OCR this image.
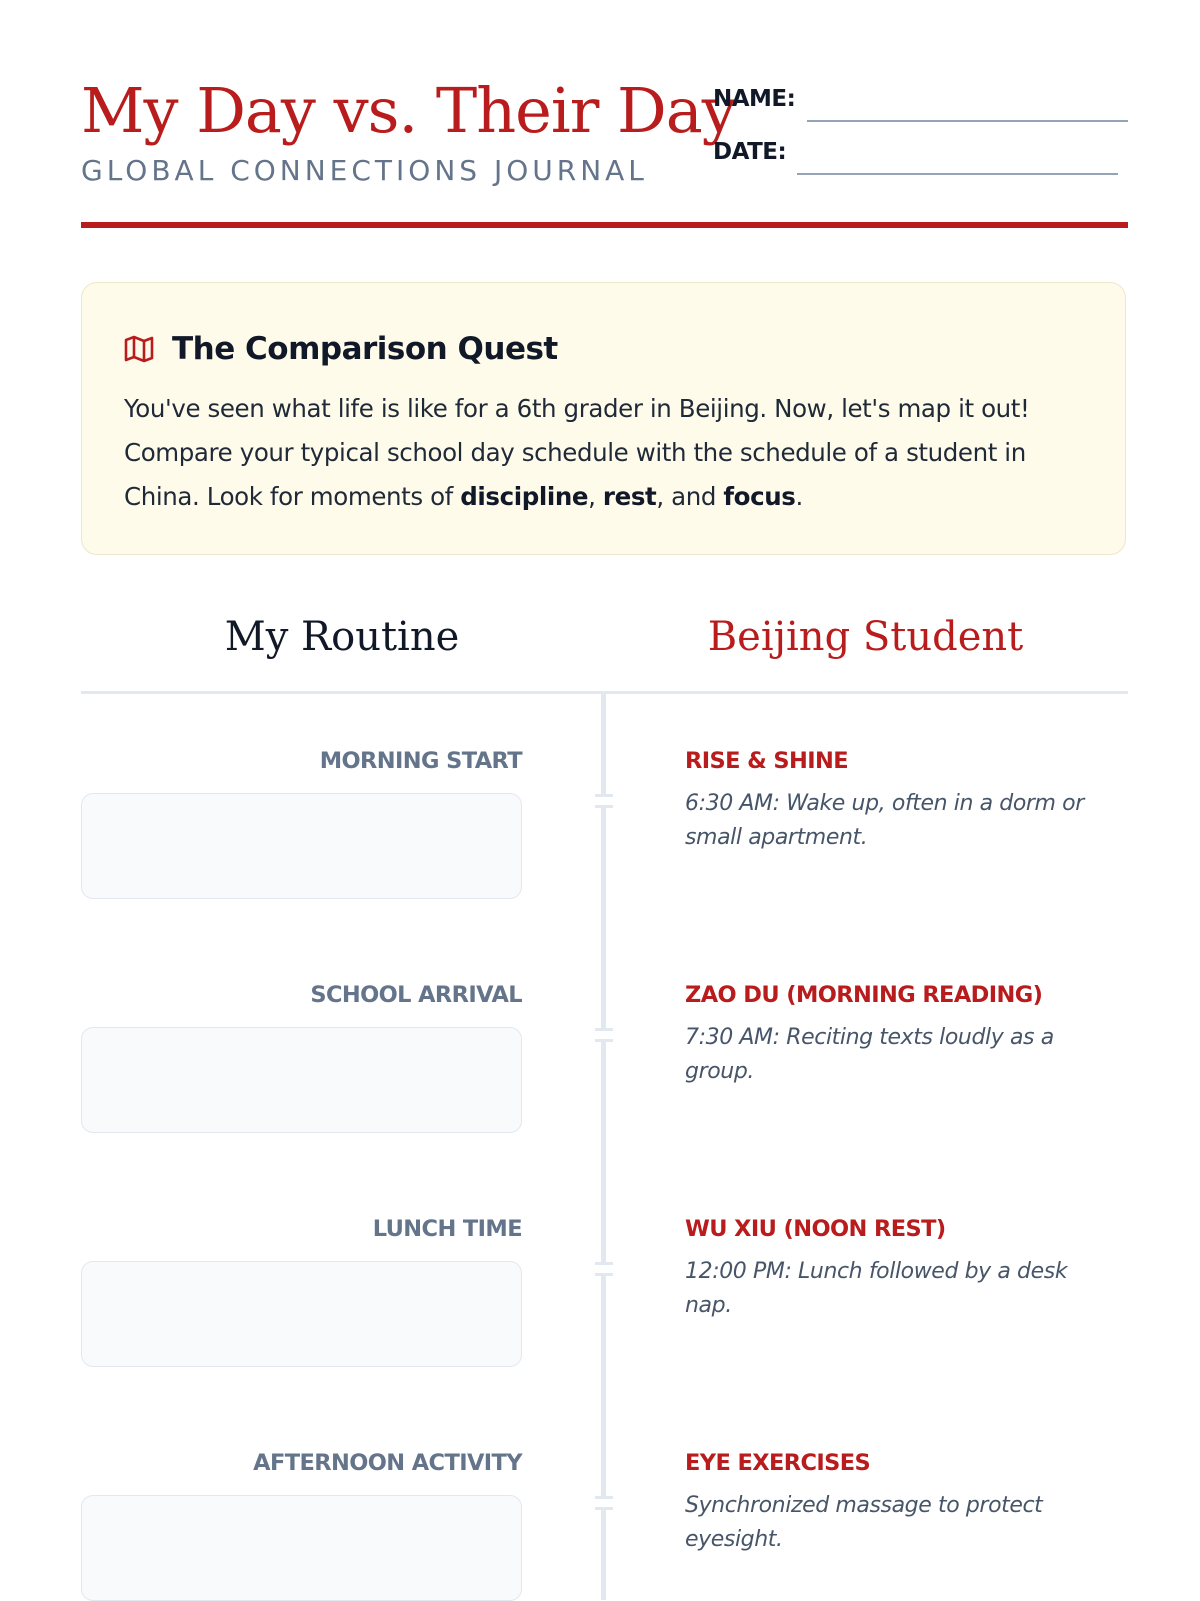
My Day vs. Their Day
GLOBAL CONNECTIONS JOURNAL
NAME:
DATE:
The Comparison Quest

You've seen what life is like for a 6th grader in Beijing. Now, let's map it out! Compare your typical school day schedule with the schedule of a student in China. Look for moments of discipline, rest, and focus.

My Routine	Beijing Student
MORNING START	RISE & SHINE

6:30 AM: Wake up, often in a dorm or small apartment.

SCHOOL ARRIVAL	ZAO DU (MORNING READING)

7:30 AM: Reciting texts loudly as a group.

LUNCH TIME	WU XIU (NOON REST)

12:00 PM: Lunch followed by a desk nap.

AFTERNOON ACTIVITY	EYE EXERCISES

Synchronized massage to protect eyesight.
